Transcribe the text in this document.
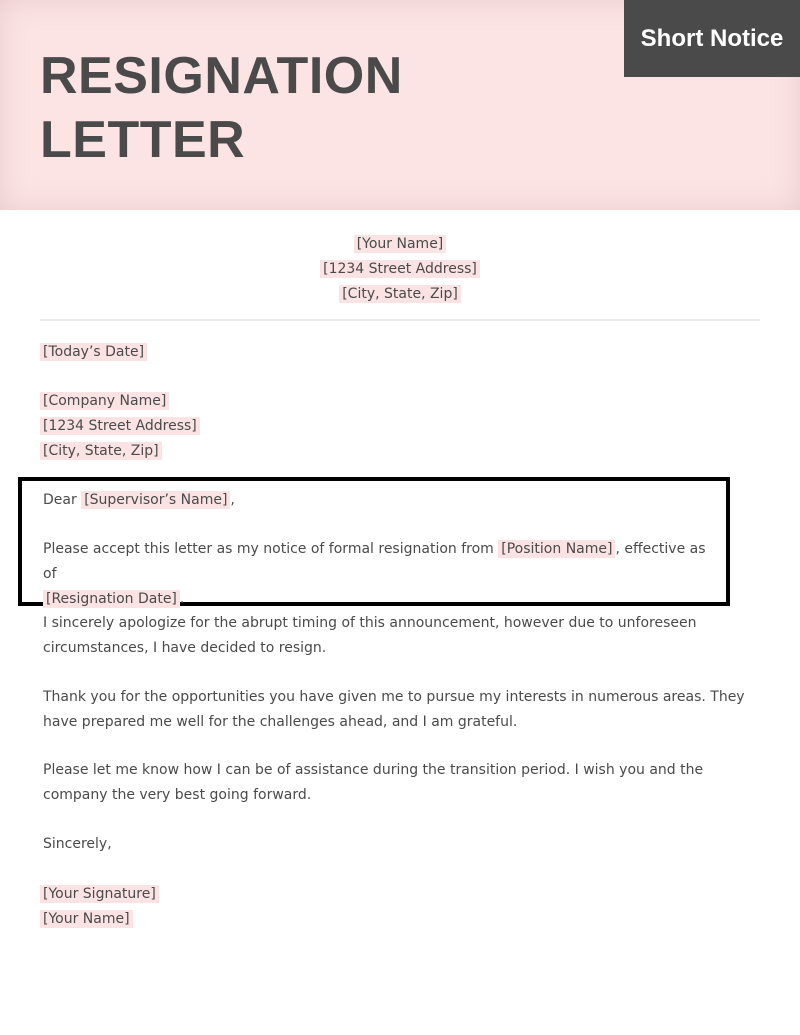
RESIGNATION
LETTER
Short Notice
[Your Name]
[1234 Street Address]
[City, State, Zip]
[Today’s Date]
[Company Name]
[1234 Street Address]
[City, State, Zip]
Dear [Supervisor’s Name] ,
Please accept this letter as my notice of formal resignation from [Position Name] , effective as of
[Resignation Date] .
I sincerely apologize for the abrupt timing of this announcement, however due to unforeseen circumstances, I have decided to resign.
Thank you for the opportunities you have given me to pursue my interests in numerous areas. They have prepared me well for the challenges ahead, and I am grateful.
Please let me know how I can be of assistance during the transition period. I wish you and the company the very best going forward.
Sincerely,
[Your Signature]
[Your Name]
